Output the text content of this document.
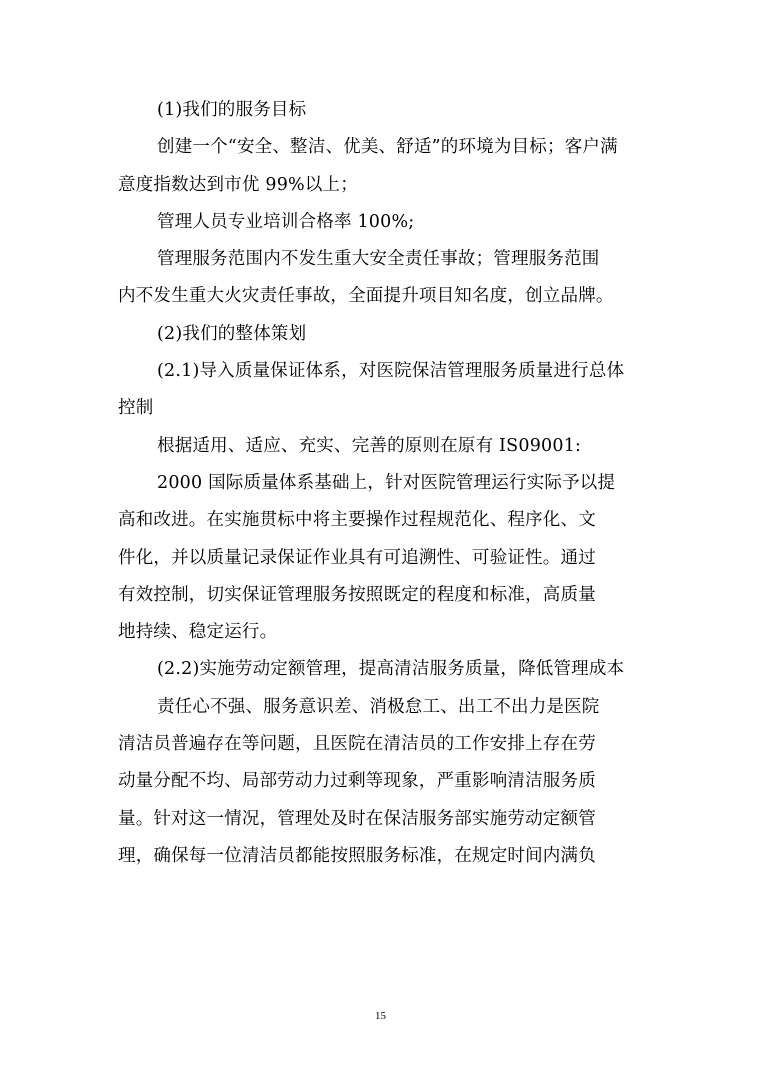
(1)我们的服务目标
创建一个“安全、整洁、优美、舒适”的环境为目标；客户满
意度指数达到市优 99%以上；
管理人员专业培训合格率 100%;
管理服务范围内不发生重大安全责任事故；管理服务范围
内不发生重大火灾责任事故，全面提升项目知名度，创立品牌。
(2)我们的整体策划
(2.1)导入质量保证体系，对医院保洁管理服务质量进行总体
控制
根据适用、适应、充实、完善的原则在原有 IS09001:
2000 国际质量体系基础上，针对医院管理运行实际予以提
高和改进。在实施贯标中将主要操作过程规范化、程序化、文
件化，并以质量记录保证作业具有可追溯性、可验证性。通过
有效控制，切实保证管理服务按照既定的程度和标准，高质量
地持续、稳定运行。
(2.2)实施劳动定额管理，提高清洁服务质量，降低管理成本
责任心不强、服务意识差、消极怠工、出工不出力是医院
清洁员普遍存在等问题，且医院在清洁员的工作安排上存在劳
动量分配不均、局部劳动力过剩等现象，严重影响清洁服务质
量。针对这一情况，管理处及时在保洁服务部实施劳动定额管
理，确保每一位清洁员都能按照服务标准，在规定时间内满负
15
